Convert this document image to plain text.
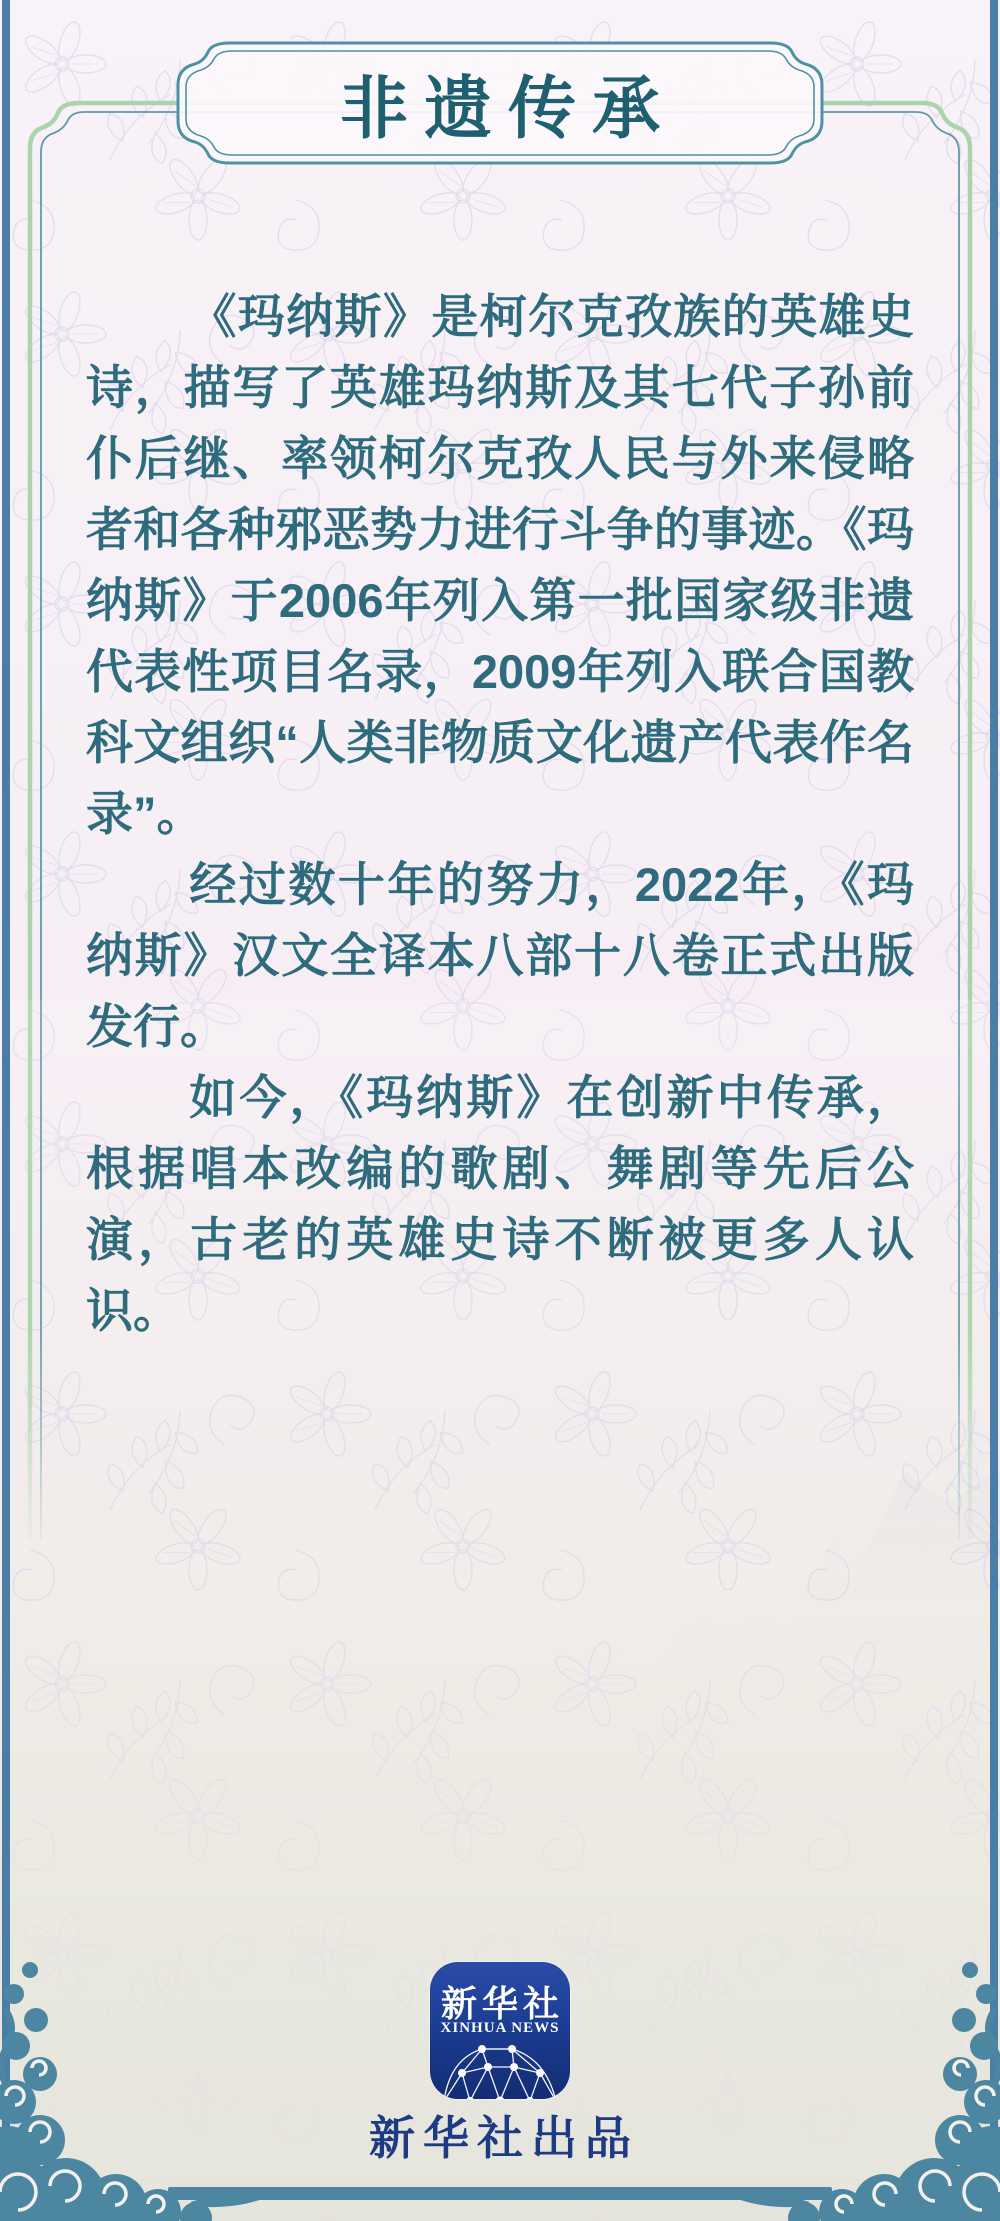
非遗传承

《玛纳斯》是柯尔克孜族的英雄史诗，描写了英雄玛纳斯及其七代子孙前仆后继、率领柯尔克孜人民与外来侵略者和各种邪恶势力进行斗争的事迹。《玛纳斯》于2006年列入第一批国家级非遗代表性项目名录，2009年列入联合国教科文组织“人类非物质文化遗产代表作名录”。

经过数十年的努力，2022年，《玛纳斯》汉文全译本八部十八卷正式出版发行。

如今，《玛纳斯》在创新中传承，根据唱本改编的歌剧、舞剧等先后公演，古老的英雄史诗不断被更多人认识。

新华社
XINHUA NEWS
新华社出品
